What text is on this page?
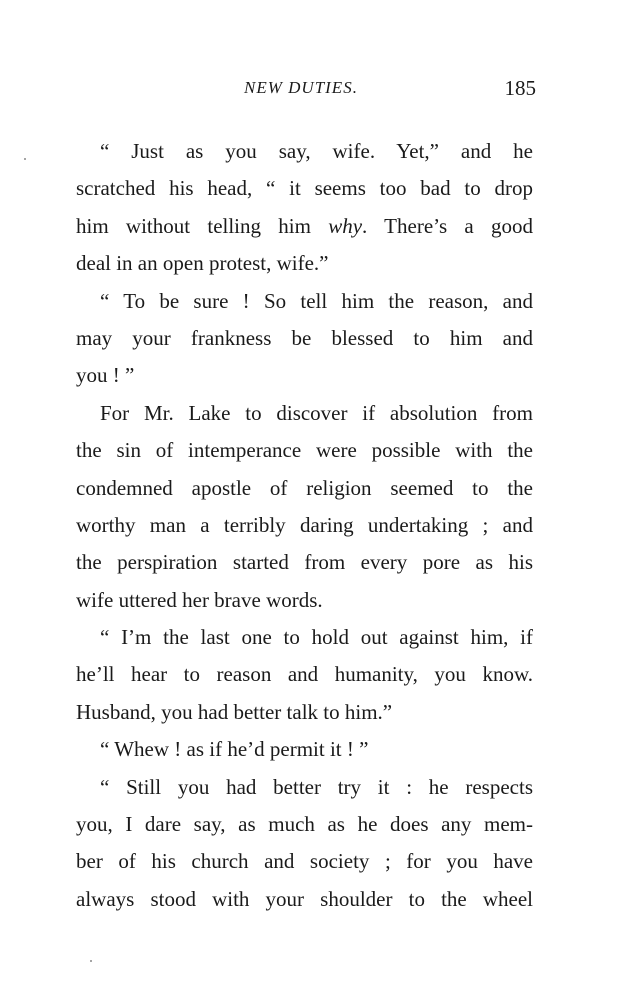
NEW DUTIES.	185
“ Just as you say, wife. Yet,” and he
scratched his head, “ it seems too bad to drop
him without telling him why. There’s a good
deal in an open protest, wife.”
“ To be sure ! So tell him the reason, and
may your frankness be blessed to him and
you ! ”
For Mr. Lake to discover if absolution from
the sin of intemperance were possible with the
condemned apostle of religion seemed to the
worthy man a terribly daring undertaking ; and
the perspiration started from every pore as his
wife uttered her brave words.
“ I’m the last one to hold out against him, if
he’ll hear to reason and humanity, you know.
Husband, you had better talk to him.”
“ Whew ! as if he’d permit it ! ”
“ Still you had better try it : he respects
you, I dare say, as much as he does any mem-
ber of his church and society ; for you have
always stood with your shoulder to the wheel
